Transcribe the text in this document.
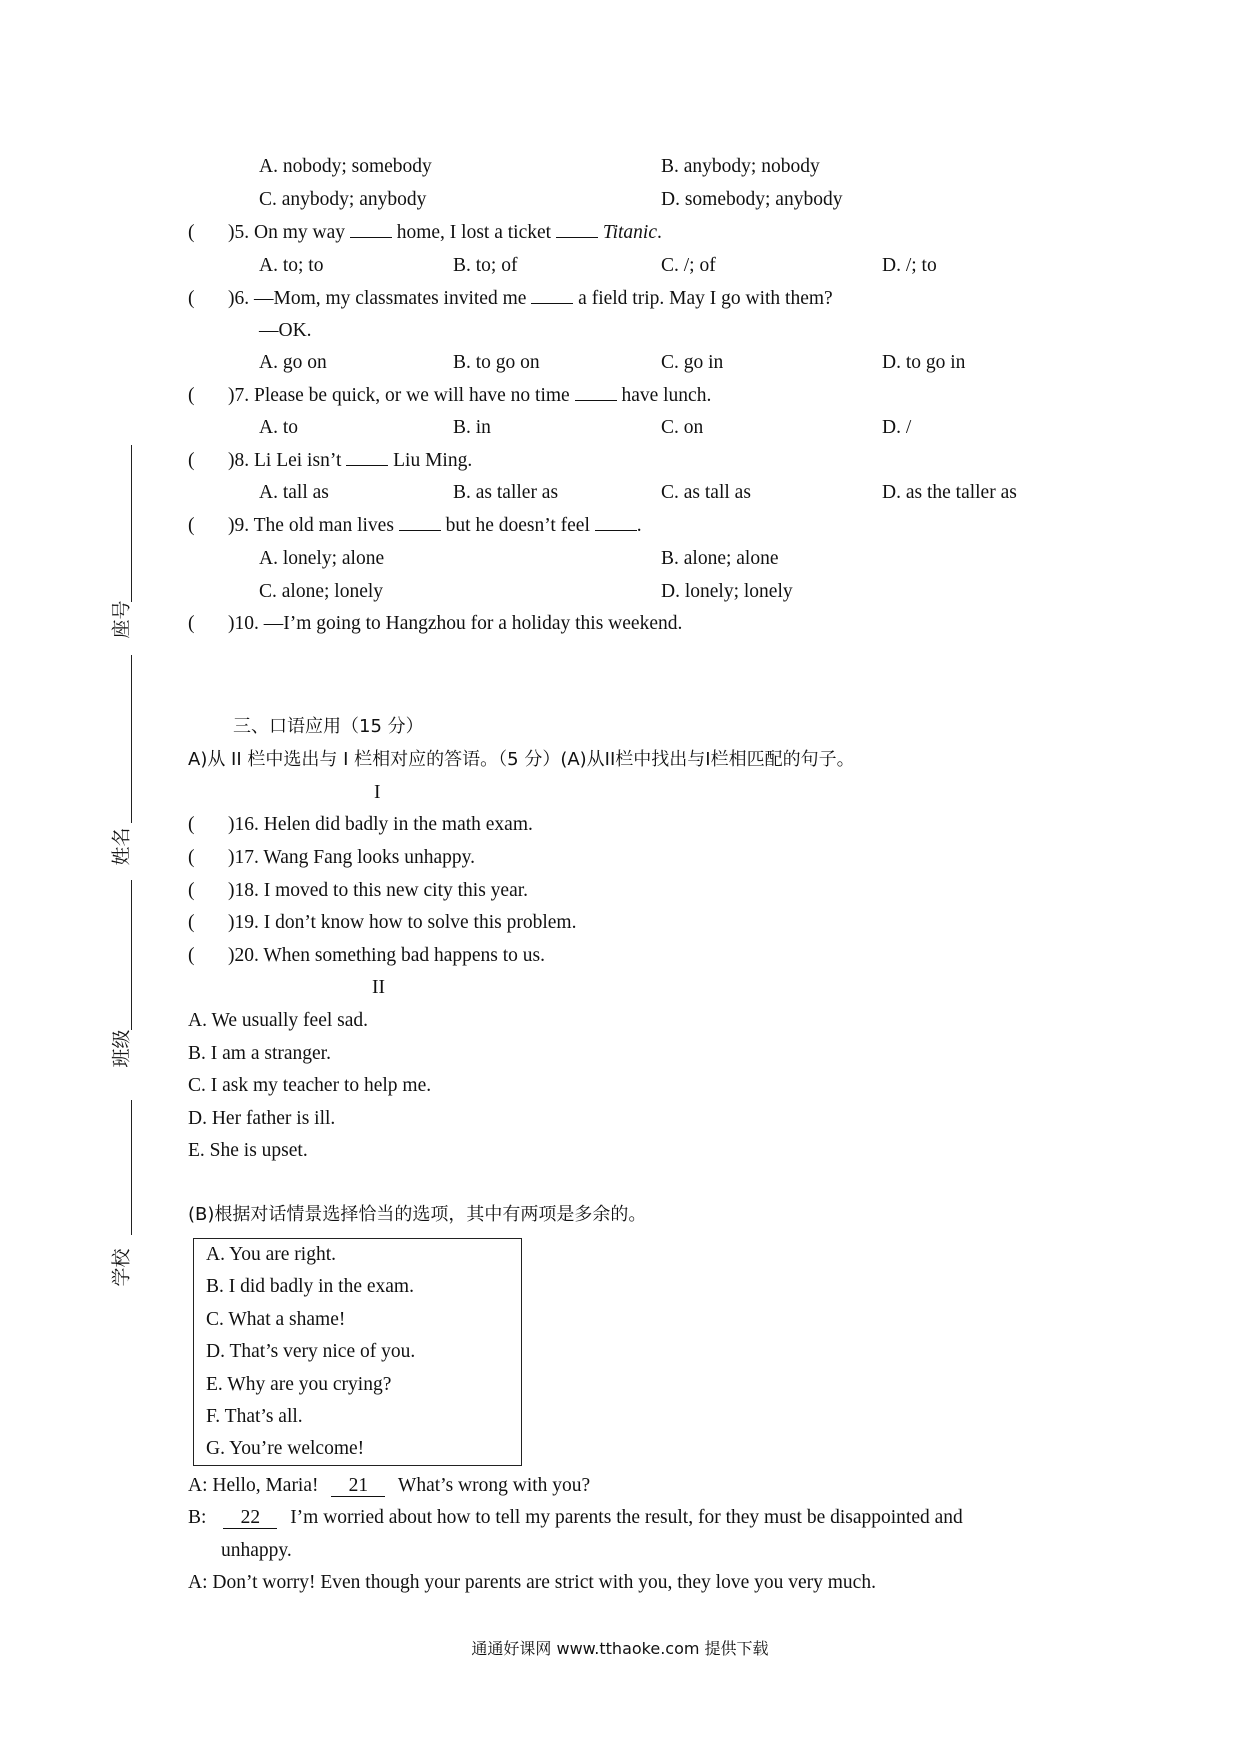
座号
姓名
班级
学校
A. nobody; somebody	B. anybody; nobody
C. anybody; anybody	D. somebody; anybody
( )5. On my way  home, I lost a ticket  Titanic.
A. to; to	B. to; of	C. /; of	D. /; to
( )6. —Mom, my classmates invited me  a field trip. May I go with them?
—OK.
A. go on	B. to go on	C. go in	D. to go in
( )7. Please be quick, or we will have no time  have lunch.
A. to	B. in	C. on	D. /
( )8. Li Lei isn’t  Liu Ming.
A. tall as	B. as taller as	C. as tall as	D. as the taller as
( )9. The old man lives  but he doesn’t feel .
A. lonely; alone	B. alone; alone
C. alone; lonely	D. lonely; lonely
( )10. —I’m going to Hangzhou for a holiday this weekend.
三、口语应用（15 分）
A)从 II 栏中选出与 I 栏相对应的答语。（5 分）(A)从II栏中找出与I栏相匹配的句子。
I
( )16. Helen did badly in the math exam.
( )17. Wang Fang looks unhappy.
( )18. I moved to this new city this year.
( )19. I don’t know how to solve this problem.
( )20. When something bad happens to us.
II
A. We usually feel sad.
B. I am a stranger.
C. I ask my teacher to help me.
D. Her father is ill.
E. She is upset.
(B)根据对话情景选择恰当的选项，其中有两项是多余的。
A. You are right.
B. I did badly in the exam.
C. What a shame!
D. That’s very nice of you.
E. Why are you crying?
F. That’s all.
G. You’re welcome!
A: Hello, Maria! 21 What’s wrong with you?
B: 22 I’m worried about how to tell my parents the result, for they must be disappointed and
unhappy.
A: Don’t worry! Even though your parents are strict with you, they love you very much.
通通好课网 www.tthaoke.com 提供下载
